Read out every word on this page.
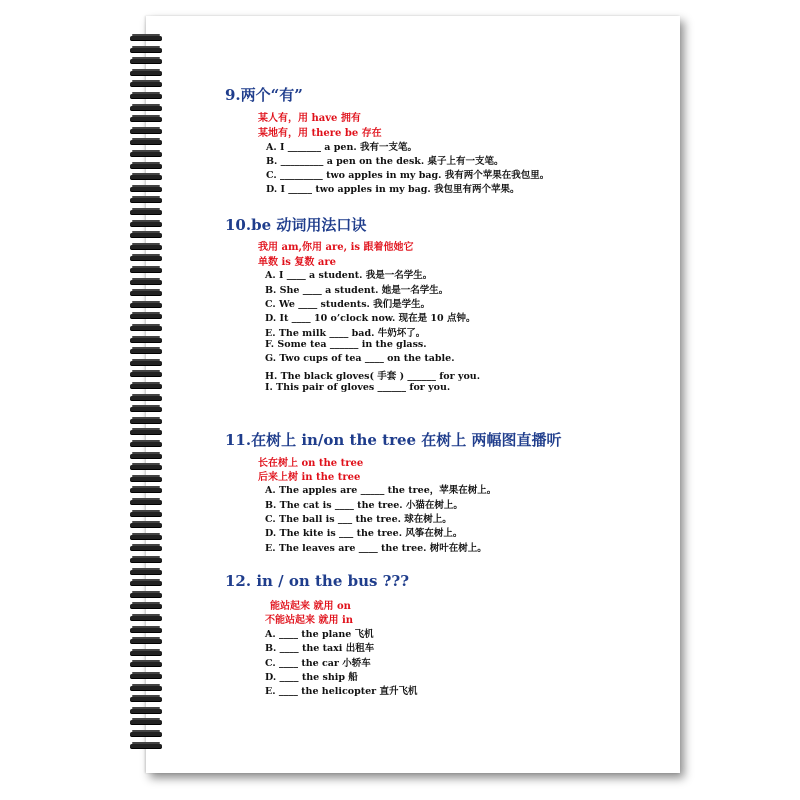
9.两个“有”
某人有，用 have 拥有
某地有，用 there be 存在
A. I _______ a pen. 我有一支笔。
B. _________ a pen on the desk. 桌子上有一支笔。
C. _________ two apples in my bag. 我有两个苹果在我包里。
D. I _____ two apples in my bag. 我包里有两个苹果。
10.be 动词用法口诀
我用 am,你用 are, is 跟着他她它
单数 is 复数 are
A. I ____ a student. 我是一名学生。
B. She ____ a student. 她是一名学生。
C. We ____ students. 我们是学生。
D. It ____ 10 o’clock now. 现在是 10 点钟。
E. The milk ____ bad. 牛奶坏了。
F. Some tea ______ in the glass.
G. Two cups of tea ____ on the table.
H. The black gloves( 手套 ) ______ for you.
I. This pair of gloves ______ for you.
11.在树上 in/on the tree 在树上 两幅图直播听
长在树上 on the tree
后来上树 in the tree
A. The apples are _____ the tree，苹果在树上。
B. The cat is ____ the tree. 小猫在树上。
C. The ball is ___ the tree. 球在树上。
D. The kite is ___ the tree. 风筝在树上。
E. The leaves are ____ the tree. 树叶在树上。
12. in / on the bus ???
能站起来 就用 on
不能站起来 就用 in
A. ____ the plane 飞机
B. ____ the taxi 出租车
C. ____ the car 小轿车
D. ____ the ship 船
E. ____ the helicopter 直升飞机
